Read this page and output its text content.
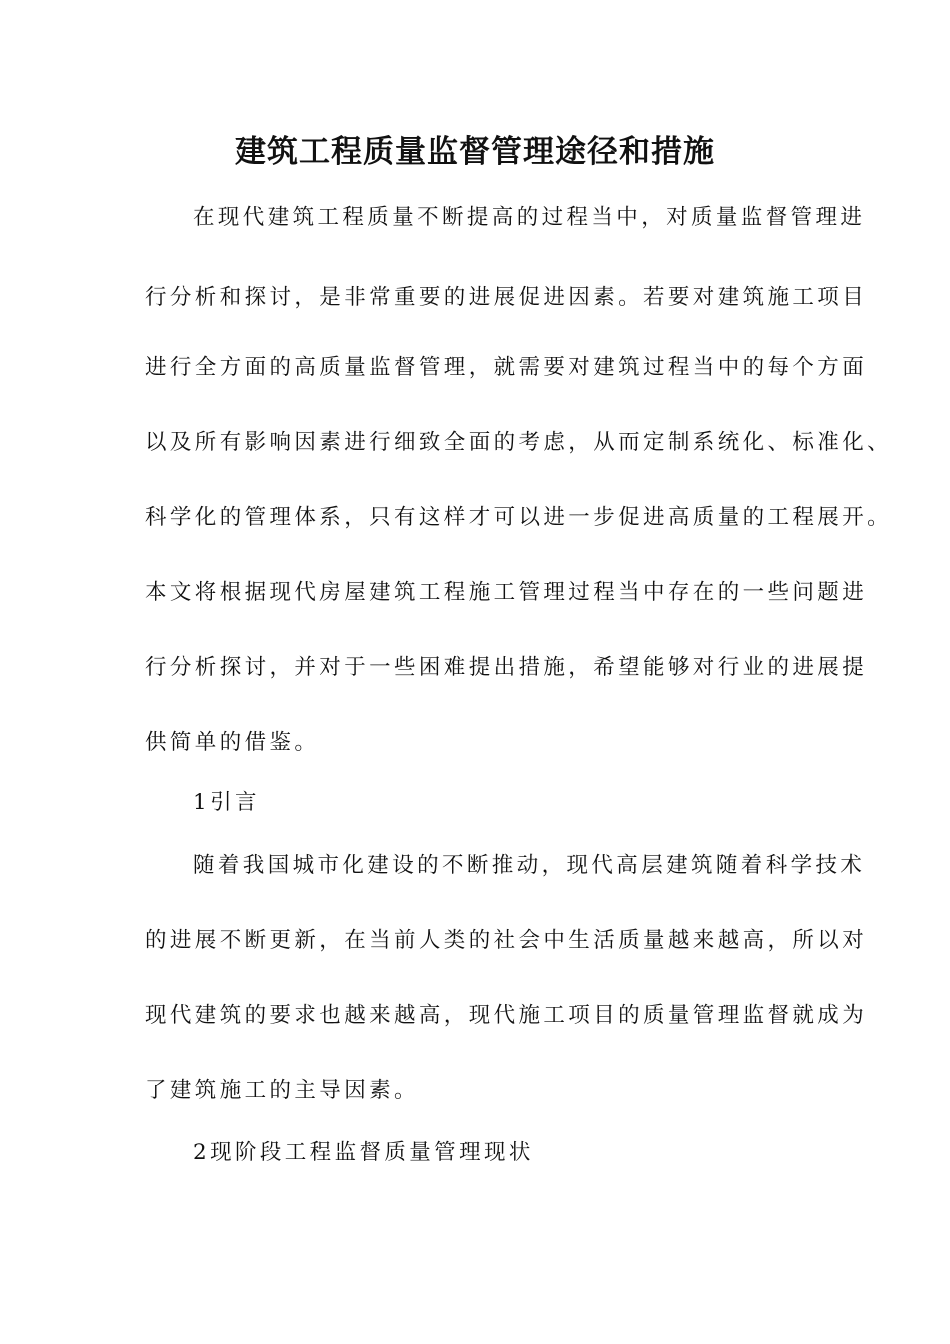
建筑工程质量监督管理途径和措施
在现代建筑工程质量不断提高的过程当中，对质量监督管理进
行分析和探讨，是非常重要的进展促进因素。若要对建筑施工项目
进行全方面的高质量监督管理，就需要对建筑过程当中的每个方面
以及所有影响因素进行细致全面的考虑，从而定制系统化、标准化、
科学化的管理体系，只有这样才可以进一步促进高质量的工程展开。
本文将根据现代房屋建筑工程施工管理过程当中存在的一些问题进
行分析探讨，并对于一些困难提出措施，希望能够对行业的进展提
供简单的借鉴。
1引言
随着我国城市化建设的不断推动，现代高层建筑随着科学技术
的进展不断更新，在当前人类的社会中生活质量越来越高，所以对
现代建筑的要求也越来越高，现代施工项目的质量管理监督就成为
了建筑施工的主导因素。
2现阶段工程监督质量管理现状
